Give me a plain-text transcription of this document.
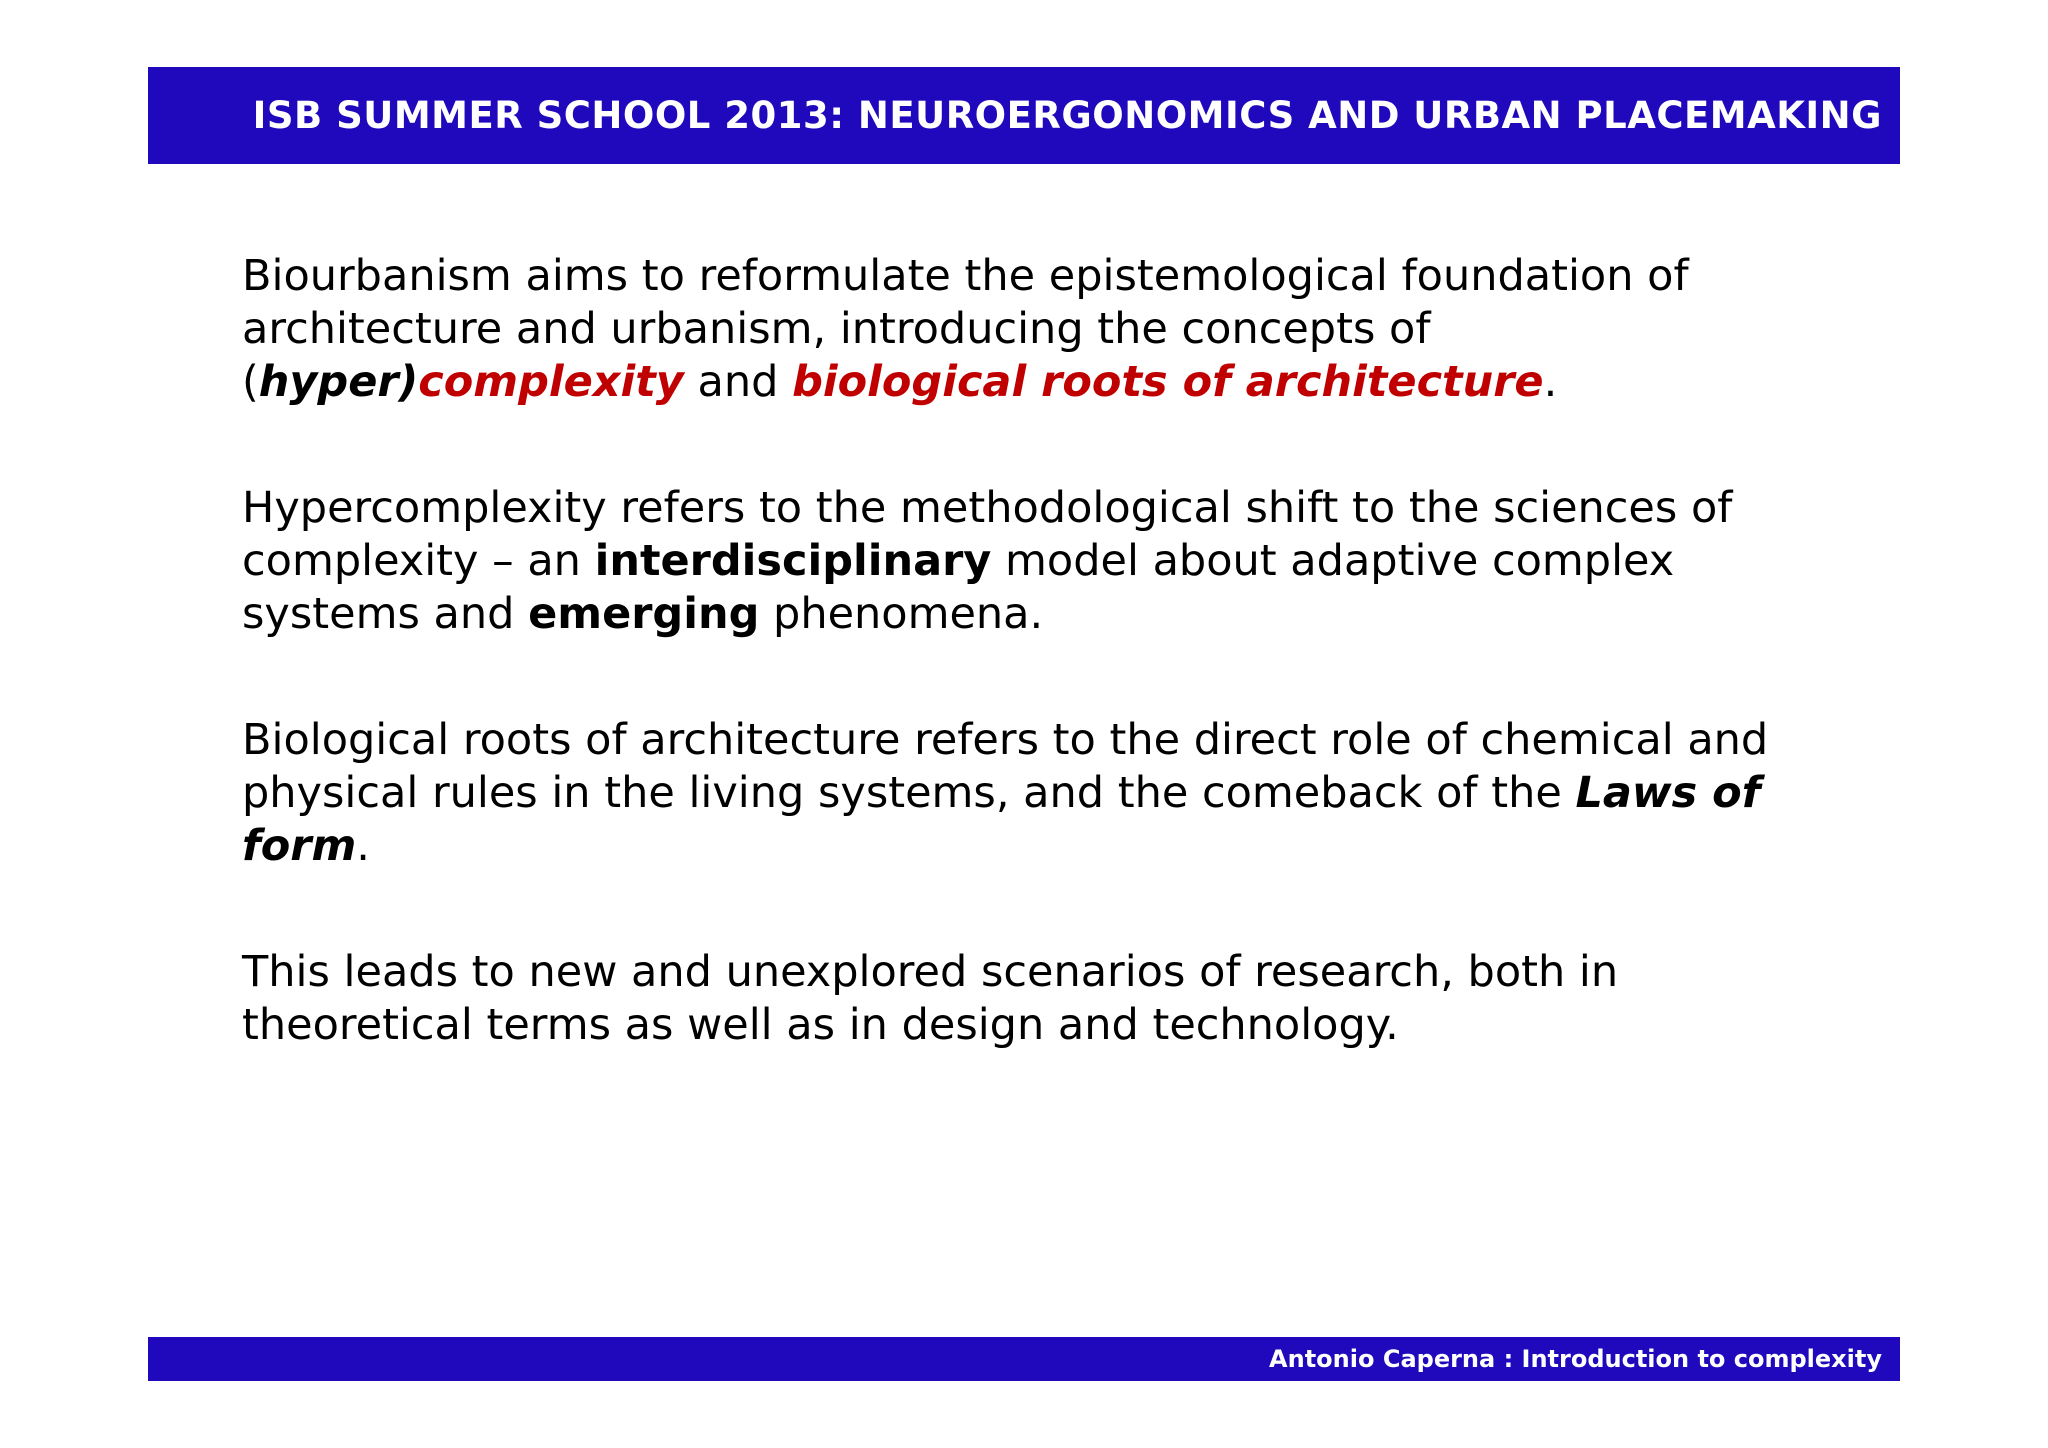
ISB SUMMER SCHOOL 2013: NEUROERGONOMICS AND URBAN PLACEMAKING

Biourbanism aims to reformulate the epistemological foundation of architecture and urbanism, introducing the concepts of (hyper)complexity and biological roots of architecture.

Hypercomplexity refers to the methodological shift to the sciences of complexity – an interdisciplinary model about adaptive complex systems and emerging phenomena.

Biological roots of architecture refers to the direct role of chemical and physical rules in the living systems, and the comeback of the Laws of form.

This leads to new and unexplored scenarios of research, both in theoretical terms as well as in design and technology.

Antonio Caperna : Introduction to complexity
